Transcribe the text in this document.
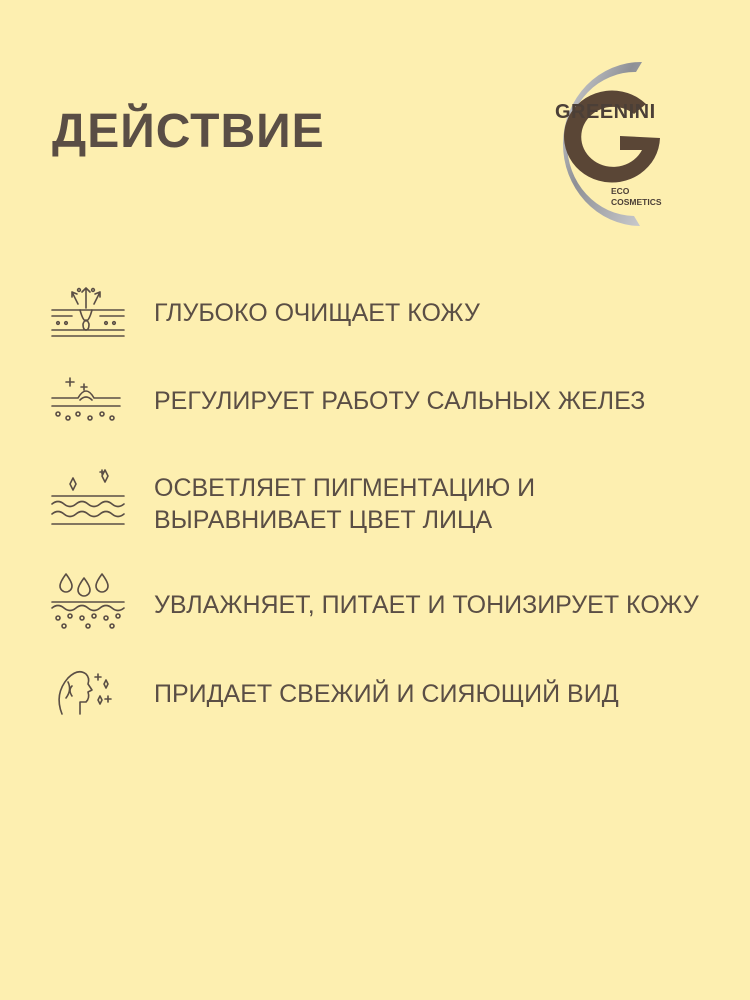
ДЕЙСТВИЕ	GREENINI
ECO
COSMETICS
ГЛУБОКО ОЧИЩАЕТ КОЖУ
РЕГУЛИРУЕТ РАБОТУ САЛЬНЫХ ЖЕЛЕЗ
ОСВЕТЛЯЕТ ПИГМЕНТАЦИЮ И
ВЫРАВНИВАЕТ ЦВЕТ ЛИЦА
УВЛАЖНЯЕТ, ПИТАЕТ И ТОНИЗИРУЕТ КОЖУ
ПРИДАЕТ СВЕЖИЙ И СИЯЮЩИЙ ВИД
